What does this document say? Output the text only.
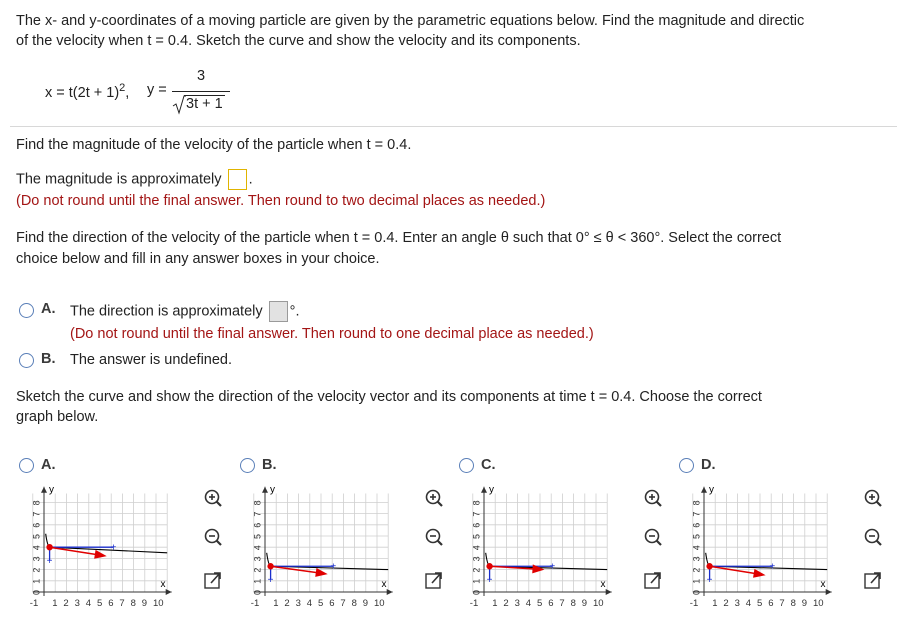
The x- and y-coordinates of a moving particle are given by the parametric equations below. Find the magnitude and directic
of the velocity when t = 0.4. Sketch the curve and show the velocity and its components.
$x = t(2t + 1)^2$, y =
3
3t + 1
Find the magnitude of the velocity of the particle when t = 0.4.
The magnitude is approximately .
(Do not round until the final answer. Then round to two decimal places as needed.)
Find the direction of the velocity of the particle when t = 0.4. Enter an angle θ such that 0° ≤ θ < 360°. Select the correct
choice below and fill in any answer boxes in your choice.
A. The direction is approximately °.
(Do not round until the final answer. Then round to one decimal place as needed.)
B. The answer is undefined.
Sketch the curve and show the direction of the velocity vector and its components at time t = 0.4. Choose the correct
graph below.
A.
y
x
8
7
6
5
4
3
2
1
0
-1 1 2 3 4 5 6 7 8 9 10
+
+
B.
y
x
8
7
6
5
4
3
2
1
0
-1 1 2 3 4 5 6 7 8 9 10
+
+
C.
y
x
8
7
6
5
4
3
2
1
0
-1 1 2 3 4 5 6 7 8 9 10
+
+
D.
y
x
8
7
6
5
4
3
2
1
0
-1 1 2 3 4 5 6 7 8 9 10
+
+
